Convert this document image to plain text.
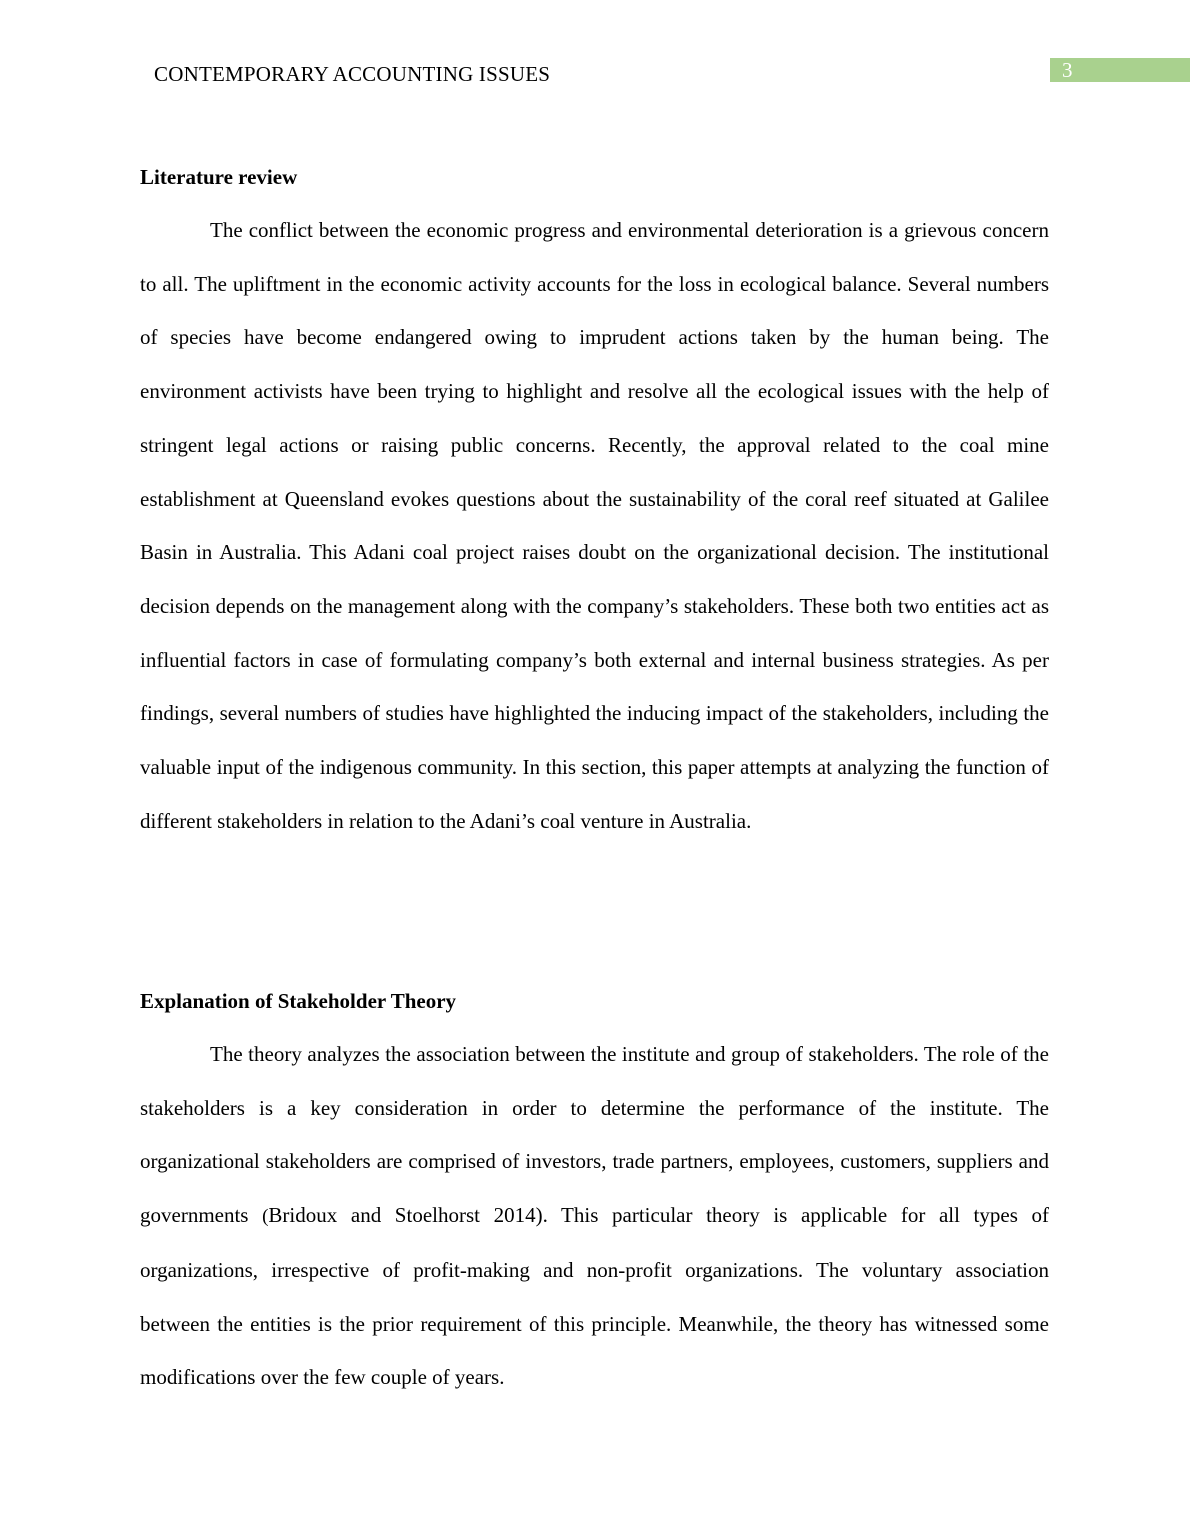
CONTEMPORARY ACCOUNTING ISSUES	3
Literature review

The conflict between the economic progress and environmental deterioration is a grievous concern to all. The upliftment in the economic activity accounts for the loss in ecological balance. Several numbers of species have become endangered owing to imprudent actions taken by the human being. The environment activists have been trying to highlight and resolve all the ecological issues with the help of stringent legal actions or raising public concerns. Recently, the approval related to the coal mine establishment at Queensland evokes questions about the sustainability of the coral reef situated at Galilee Basin in Australia. This Adani coal project raises doubt on the organizational decision. The institutional decision depends on the management along with the company’s stakeholders. These both two entities act as influential factors in case of formulating company’s both external and internal business strategies. As per findings, several numbers of studies have highlighted the inducing impact of the stakeholders, including the valuable input of the indigenous community. In this section, this paper attempts at analyzing the function of different stakeholders in relation to the Adani’s coal venture in Australia.

Explanation of Stakeholder Theory

The theory analyzes the association between the institute and group of stakeholders. The role of the stakeholders is a key consideration in order to determine the performance of the institute. The organizational stakeholders are comprised of investors, trade partners, employees, customers, suppliers and governments (Bridoux and Stoelhorst 2014). This particular theory is applicable for all types of organizations, irrespective of profit-making and non-profit organizations. The voluntary association between the entities is the prior requirement of this principle. Meanwhile, the theory has witnessed some modifications over the few couple of years.
